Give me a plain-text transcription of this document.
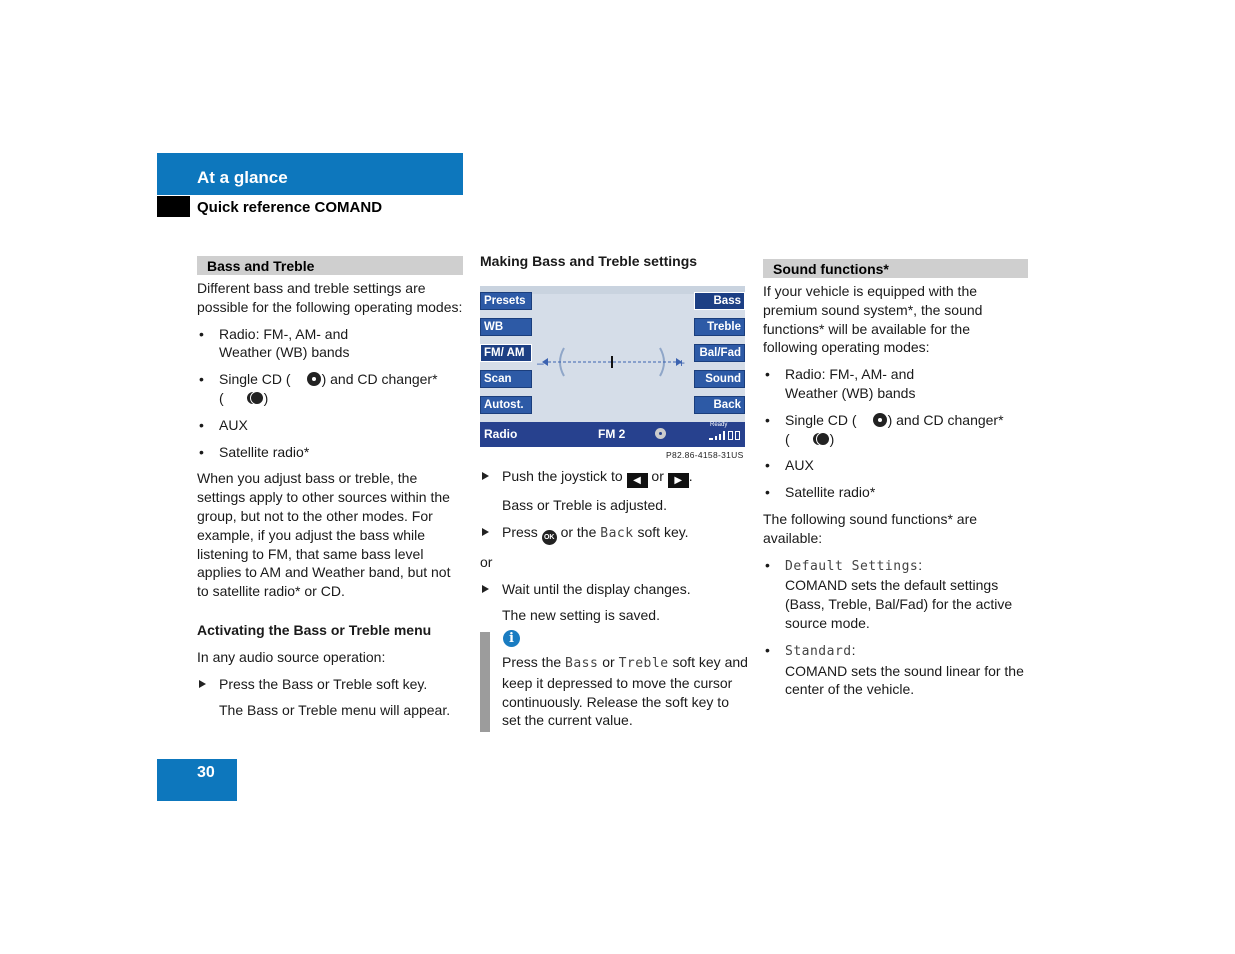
At a glance
Quick reference COMAND
Bass and Treble

Different bass and treble settings are possible for the following operating modes:

• Radio: FM-, AM- and
Weather (WB) bands
• Single CD ( ) and CD changer*
(	)
• AUX
• Satellite radio*

When you adjust bass or treble, the settings apply to other sources within the group, but not to the other modes. For example, if you adjust the bass while listening to FM, that same bass level applies to AM and Weather band, but not to satellite radio* or CD.

Activating the Bass or Treble menu

In any audio source operation:

Press the Bass or Treble soft key.
The Bass or Treble menu will appear.
Making Bass and Treble settings
Presets
WB
FM/ AM
Scan
Autost.
Bass
Treble
Bal/Fad
Sound
Back
–	+
Radio	FM 2
Ready
P82.86-4158-31US
Push the joystick to ◀ or ▶ .
Bass or Treble is adjusted.
Press OK or the Back soft key.

or

Wait until the display changes.
The new setting is saved.
i
Press the Bass or Treble soft key and keep it depressed to move the cursor continuously. Release the soft key to set the current value.
Sound functions*

If your vehicle is equipped with the premium sound system*, the sound functions* will be available for the following operating modes:

• Radio: FM-, AM- and
Weather (WB) bands
• Single CD ( ) and CD changer*
(	)
• AUX
• Satellite radio*

The following sound functions* are available:

• Default Settings:
COMAND sets the default settings (Bass, Treble, Bal/Fad) for the active source mode.
• Standard:
COMAND sets the sound linear for the center of the vehicle.
30
